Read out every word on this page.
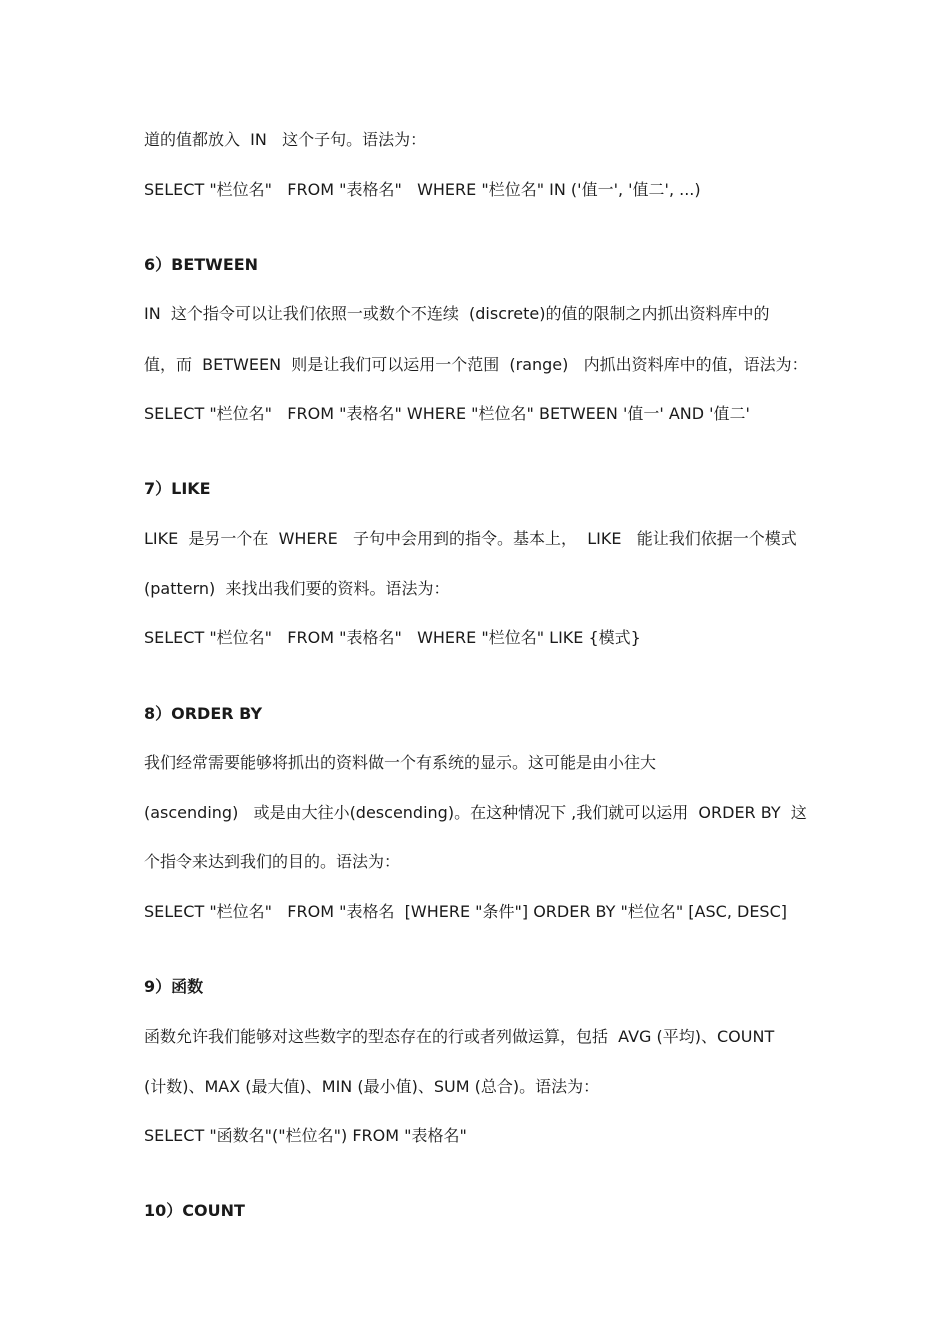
道的值都放入  IN   这个子句。语法为：
SELECT "栏位名"   FROM "表格名"   WHERE "栏位名" IN ('值一', '值二', ...)
6）BETWEEN
IN  这个指令可以让我们依照一或数个不连续  (discrete)的值的限制之内抓出资料库中的
值，而  BETWEEN  则是让我们可以运用一个范围  (range)   内抓出资料库中的值，语法为：
SELECT "栏位名"   FROM "表格名" WHERE "栏位名" BETWEEN '值一' AND '值二'
7）LIKE
LIKE  是另一个在  WHERE   子句中会用到的指令。基本上，  LIKE   能让我们依据一个模式
(pattern)  来找出我们要的资料。语法为：
SELECT "栏位名"   FROM "表格名"   WHERE "栏位名" LIKE {模式}
8）ORDER BY
我们经常需要能够将抓出的资料做一个有系统的显示。这可能是由小往大
(ascending)   或是由大往小(descending)。在这种情况下 ,我们就可以运用  ORDER BY  这
个指令来达到我们的目的。语法为：
SELECT "栏位名"   FROM "表格名  [WHERE "条件"] ORDER BY "栏位名" [ASC, DESC]
9）函数
函数允许我们能够对这些数字的型态存在的行或者列做运算，包括  AVG (平均)、COUNT
(计数)、MAX (最大值)、MIN (最小值)、SUM (总合)。语法为：
SELECT "函数名"("栏位名") FROM "表格名"
10）COUNT
